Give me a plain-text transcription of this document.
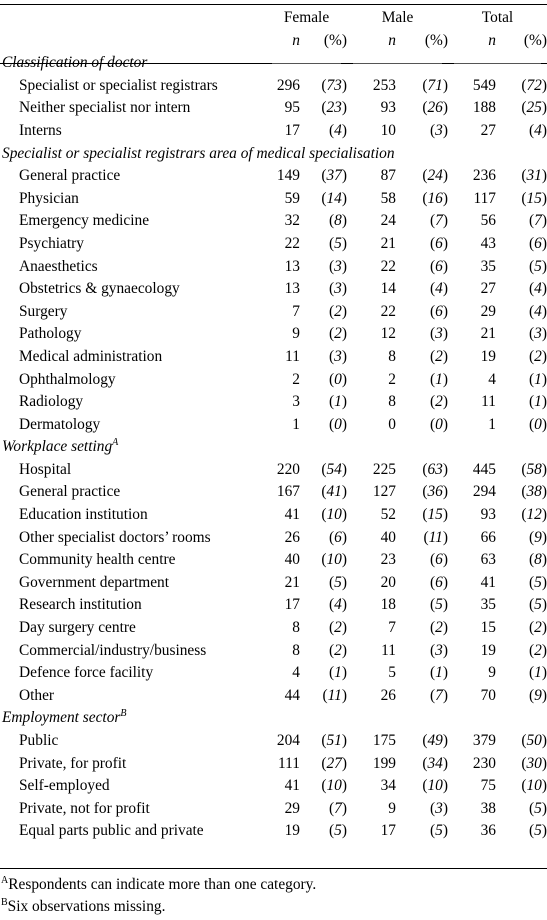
	Female		Male		Total	
	n	(%)	n	(%)	n	(%)
Classification of doctor						
Specialist or specialist registrars	296	(73)	253	(71)	549	(72)
Neither specialist nor intern	95	(23)	93	(26)	188	(25)
Interns	17	(4)	10	(3)	27	(4)
Specialist or specialist registrars area of medical specialisation						
General practice	149	(37)	87	(24)	236	(31)
Physician	59	(14)	58	(16)	117	(15)
Emergency medicine	32	(8)	24	(7)	56	(7)
Psychiatry	22	(5)	21	(6)	43	(6)
Anaesthetics	13	(3)	22	(6)	35	(5)
Obstetrics & gynaecology	13	(3)	14	(4)	27	(4)
Surgery	7	(2)	22	(6)	29	(4)
Pathology	9	(2)	12	(3)	21	(3)
Medical administration	11	(3)	8	(2)	19	(2)
Ophthalmology	2	(0)	2	(1)	4	(1)
Radiology	3	(1)	8	(2)	11	(1)
Dermatology	1	(0)	0	(0)	1	(0)
Workplace setting$^A$
Hospital	220	(54)	225	(63)	445	(58)
General practice	167	(41)	127	(36)	294	(38)
Education institution	41	(10)	52	(15)	93	(12)
Other specialist doctors’ rooms	26	(6)	40	(11)	66	(9)
Community health centre	40	(10)	23	(6)	63	(8)
Government department	21	(5)	20	(6)	41	(5)
Research institution	17	(4)	18	(5)	35	(5)
Day surgery centre	8	(2)	7	(2)	15	(2)
Commercial/industry/business	8	(2)	11	(3)	19	(2)
Defence force facility	4	(1)	5	(1)	9	(1)
Other	44	(11)	26	(7)	70	(9)
Employment sector$^B$
Public	204	(51)	175	(49)	379	(50)
Private, for profit	111	(27)	199	(34)	230	(30)
Self-employed	41	(10)	34	(10)	75	(10)
Private, not for profit	29	(7)	9	(3)	38	(5)
Equal parts public and private	19	(5)	17	(5)	36	(5)
$^A$Respondents can indicate more than one category.
$^B$Six observations missing.
